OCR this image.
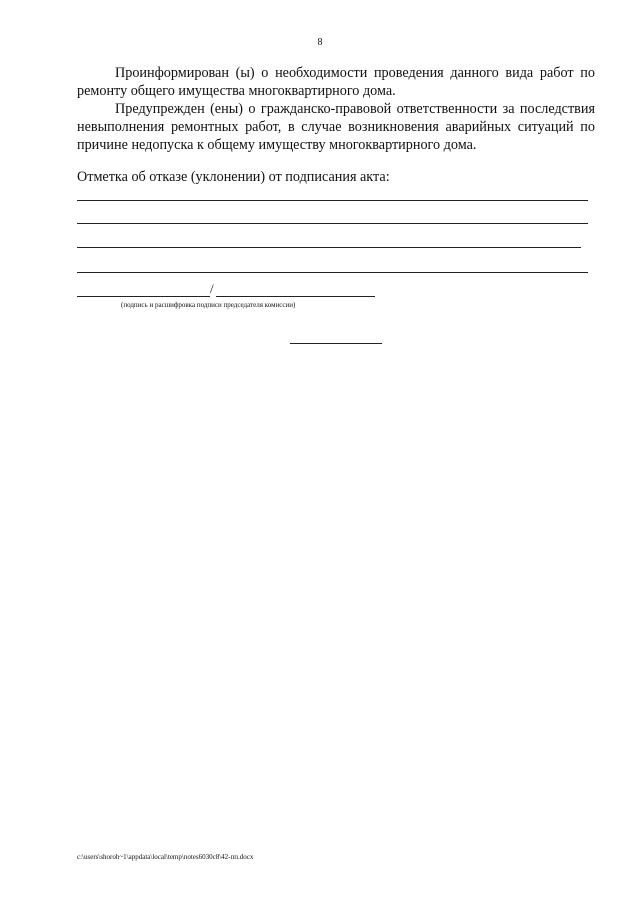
8

Проинформирован (ы) о необходимости проведения данного вида работ по ремонту общего имущества многоквартирного дома.

Предупрежден (ены) о гражданско-правовой ответственности за последствия невыполнения ремонтных работ, в случае возникновения аварийных ситуаций по причине недопуска к общему имуществу многоквартирного дома.

Отметка об отказе (уклонении) от подписания акта:

/
(подпись и расшифровка подписи председателя комиссии)
c:\users\shoroh~1\appdata\local\temp\notes6030c8\42-пп.docx
